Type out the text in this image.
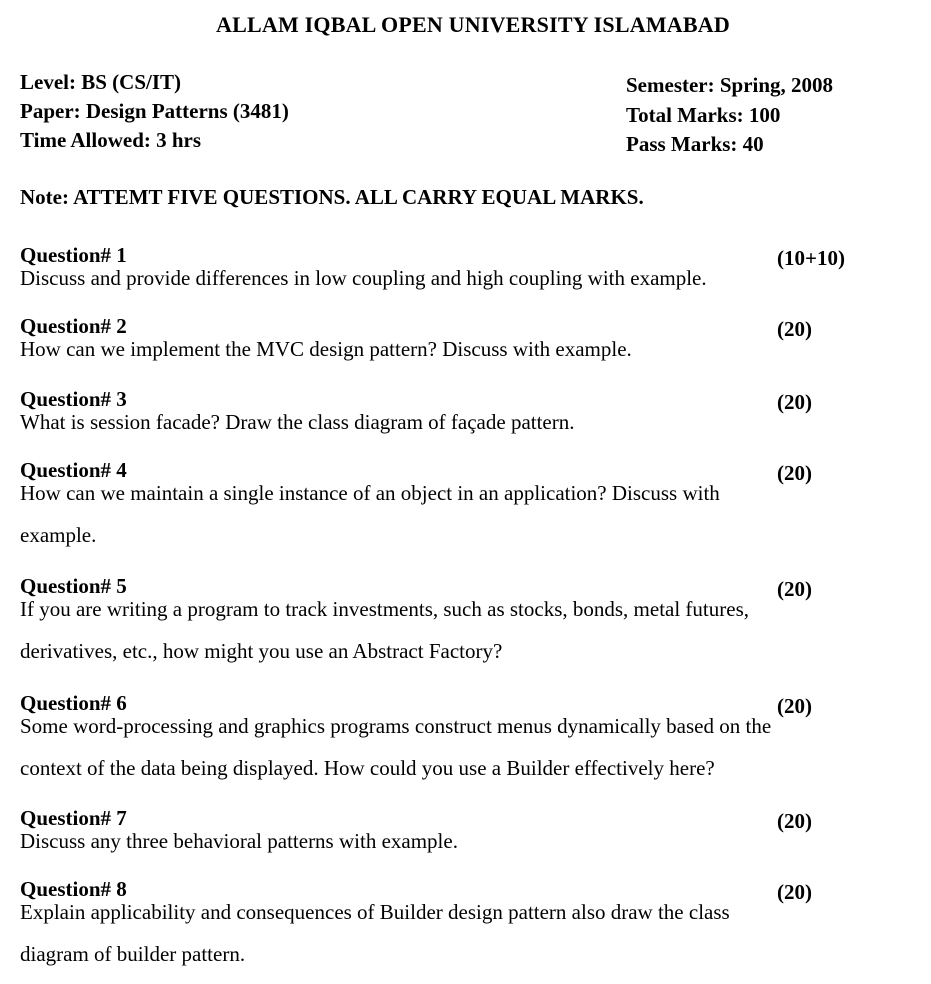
ALLAM IQBAL OPEN UNIVERSITY ISLAMABAD
Level: BS (CS/IT)
Paper: Design Patterns (3481)
Time Allowed: 3 hrs
Semester: Spring, 2008
Total Marks: 100
Pass Marks: 40
Note: ATTEMT FIVE QUESTIONS. ALL CARRY EQUAL MARKS.
Question# 1	(10+10)
Discuss and provide differences in low coupling and high coupling with example.
Question# 2	(20)
How can we implement the MVC design pattern? Discuss with example.
Question# 3	(20)
What is session facade? Draw the class diagram of façade pattern.
Question# 4	(20)
How can we maintain a single instance of an object in an application? Discuss with
example.
Question# 5	(20)
If you are writing a program to track investments, such as stocks, bonds, metal futures,
derivatives, etc., how might you use an Abstract Factory?
Question# 6	(20)
Some word-processing and graphics programs construct menus dynamically based on the
context of the data being displayed. How could you use a Builder effectively here?
Question# 7	(20)
Discuss any three behavioral patterns with example.
Question# 8	(20)
Explain applicability and consequences of Builder design pattern also draw the class
diagram of builder pattern.
